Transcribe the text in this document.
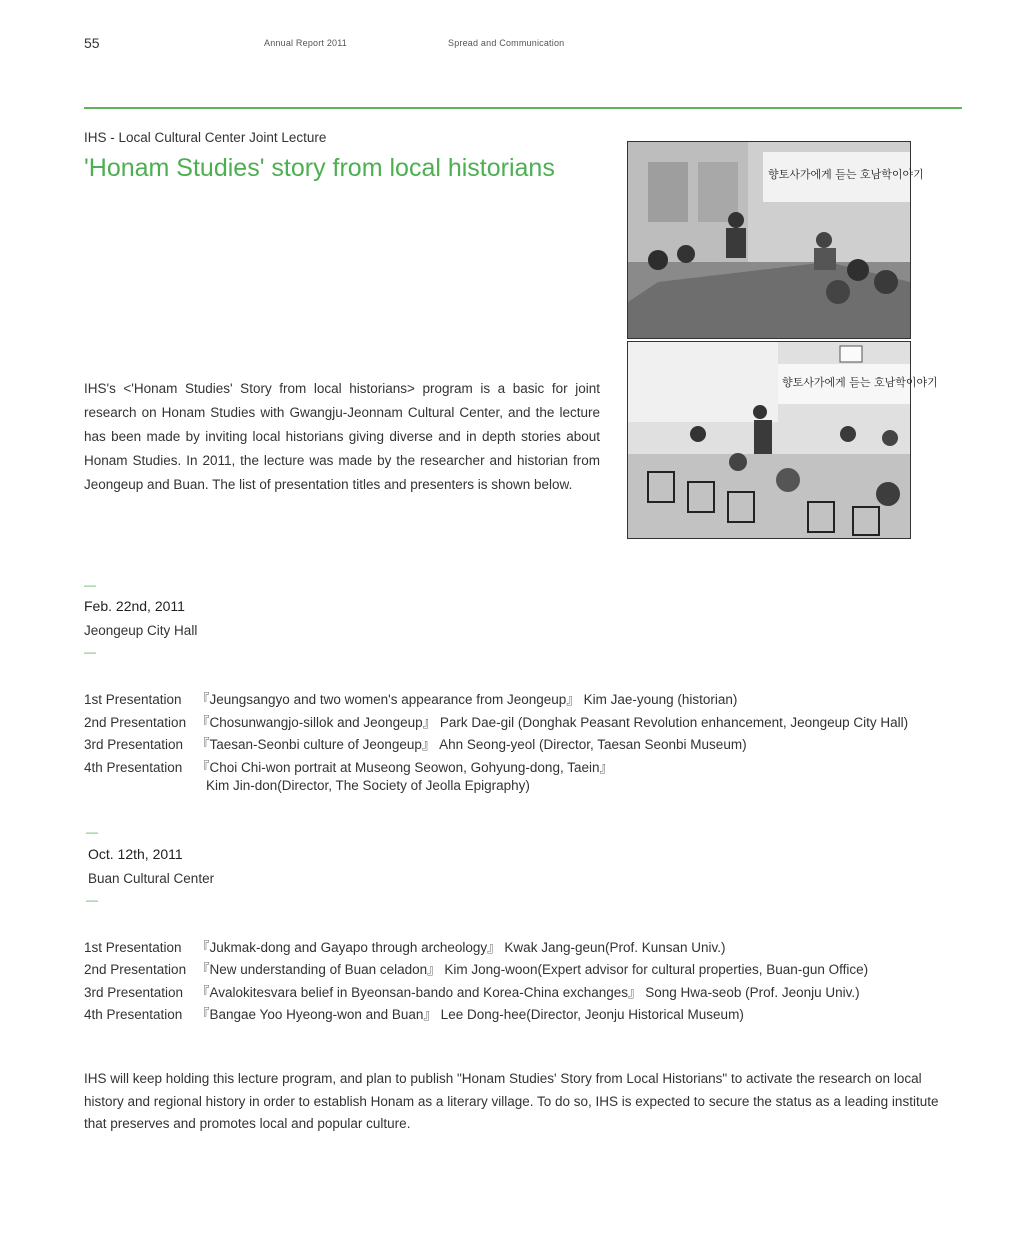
55	Annual Report 2011	Spread and Communication
IHS - Local Cultural Center Joint Lecture
'Honam Studies' story from local historians
IHS's <'Honam Studies' Story from local historians> program is a basic for joint research on Honam Studies with Gwangju-Jeonnam Cultural Center, and the lecture has been made by inviting local historians giving diverse and in depth stories about Honam Studies. In 2011, the lecture was made by the researcher and historian from Jeongeup and Buan. The list of presentation titles and presenters is shown below.
향토사가에게 듣는 호남학이야기
향토사가에게 듣는 호남학이야기
—
Feb. 22nd, 2011
Jeongeup City Hall
—
1st Presentation 『Jeungsangyo and two women's appearance from Jeongeup』 Kim Jae-young (historian)
2nd Presentation 『Chosunwangjo-sillok and Jeongeup』 Park Dae-gil (Donghak Peasant Revolution enhancement, Jeongeup City Hall)
3rd Presentation 『Taesan-Seonbi culture of Jeongeup』 Ahn Seong-yeol (Director, Taesan Seonbi Museum)
4th Presentation 『Choi Chi-won portrait at Museong Seowon, Gohyung-dong, Taein』
Kim Jin-don(Director, The Society of Jeolla Epigraphy)
—
Oct. 12th, 2011
Buan Cultural Center
—
1st Presentation 『Jukmak-dong and Gayapo through archeology』 Kwak Jang-geun(Prof. Kunsan Univ.)
2nd Presentation 『New understanding of Buan celadon』 Kim Jong-woon(Expert advisor for cultural properties, Buan-gun Office)
3rd Presentation 『Avalokitesvara belief in Byeonsan-bando and Korea-China exchanges』 Song Hwa-seob (Prof. Jeonju Univ.)
4th Presentation 『Bangae Yoo Hyeong-won and Buan』 Lee Dong-hee(Director, Jeonju Historical Museum)
IHS will keep holding this lecture program, and plan to publish "Honam Studies' Story from Local Historians" to activate the research on local history and regional history in order to establish Honam as a literary village. To do so, IHS is expected to secure the status as a leading institute that preserves and promotes local and popular culture.
